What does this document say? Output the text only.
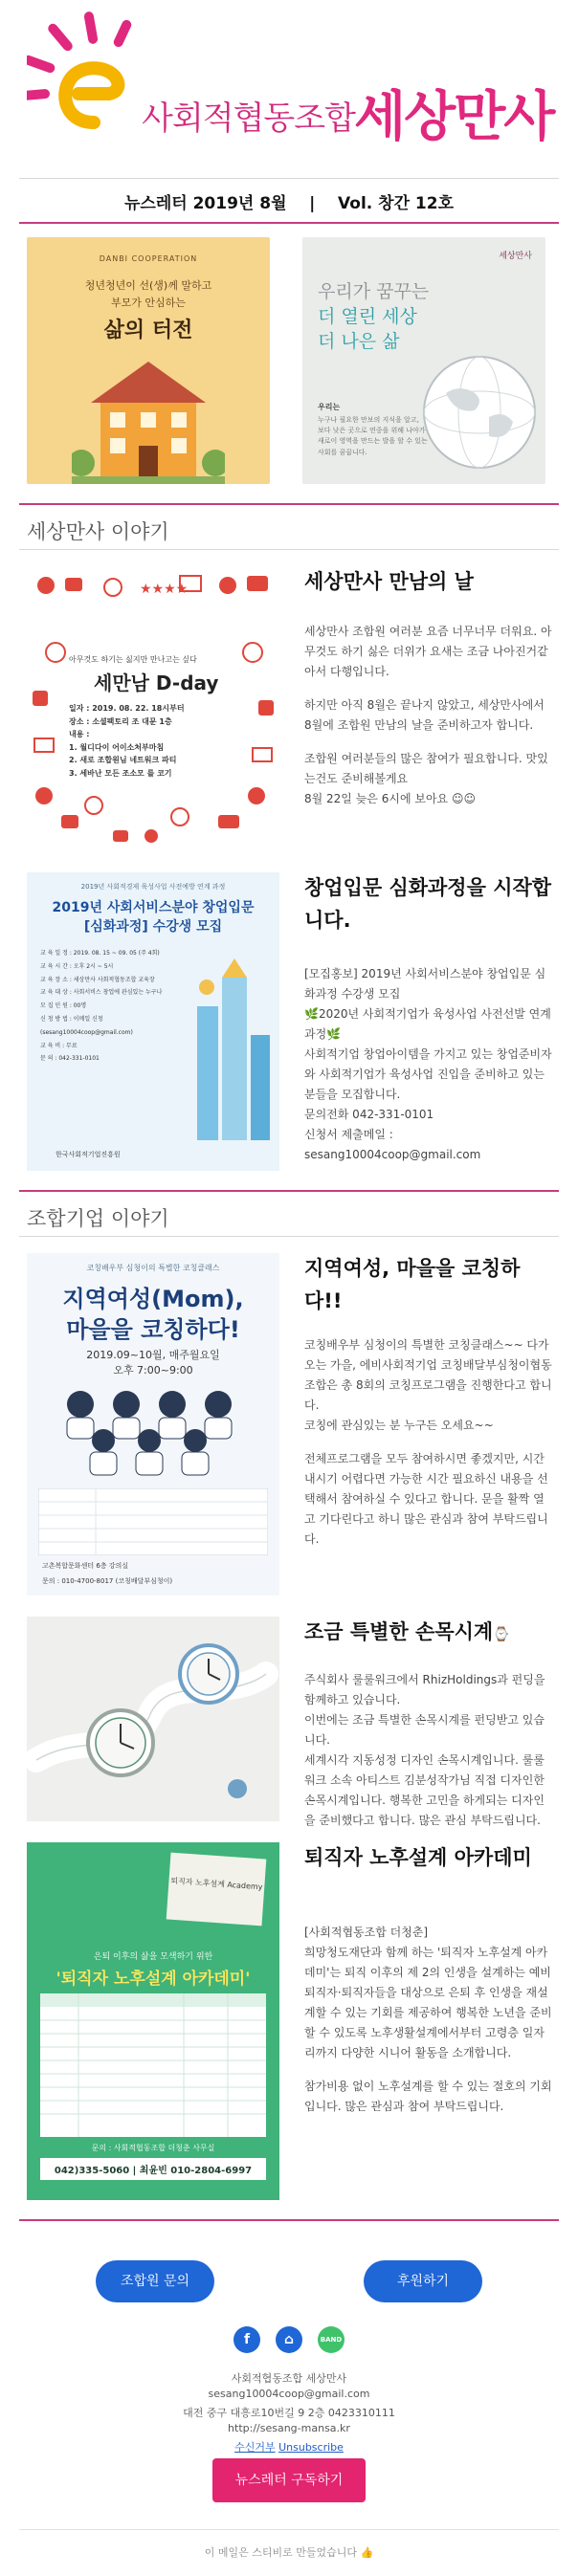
사회적협동조합 세상만사
뉴스레터 2019년 8월    |    Vol. 창간 12호
DANBI COOPERATION
청년청년이 선(생)께 말하고
부모가 안심하는
삶의 터전
세상만사
우리가 꿈꾸는
더 열린 세상
더 나은 삶
우리는
누구나 필요한 만보의 지식을 알고,
보다 낮은 곳으로 연중을 위해 나아가
새로이 영역을 만드는 발을 할 수 있는
사회를 꿈꿉니다.
세상만사 이야기
★★★★
아무것도 하기는 싫지만 만나고는 싶다
세만남 D-day
일자 : 2019. 08. 22. 18시부터
장소 : 소셜팩토리 조 대문 1층
내용 :
1. 월디다이 어이소처부마침
2. 새로 조합원님 네트워크 파티
3. 세바난 모든 조소모 를 코기
세상만사 만남의 날

세상만사 조합원 여러분 요즘 너무너무 더워요. 아무것도 하기 싫은 더위가 요새는 조금 나아진거같아서 다행입니다.

하지만 아직 8월은 끝나지 않았고, 세상만사에서 8월에 조합원 만남의 날을 준비하고자 합니다.

조합원 여러분들의 많은 참여가 필요합니다. 맛있는건도 준비해볼게요
8월 22일 늦은 6시에 보아요 ☺☺

2019년 사회적경제 육성사업 사전예방 연계 과정
2019년 사회서비스분야 창업입문
[심화과정] 수강생 모집
교 육 일 정 : 2019. 08. 15 ~ 09. 05 (주 4회)
교 육 시 간 : 오후 2시 ~ 5시
교 육 장 소 : 세상만사 사회적협동조합 교육장
교 육 대 상 : 사회서비스 창업에 관심있는 누구나
모 집 인 원 : 00명
신 청 방 법 : 이메일 신청 (sesang10004coop@gmail.com)
교 육 비 : 무료
문 의 : 042-331-0101
한국사회적기업진흥원
창업입문 심화과정을 시작합니다.

[모집홍보] 2019년 사회서비스분야 창업입문 심화과정 수강생 모집
🌿2020년 사회적기업가 육성사업 사전선발 연계과정🌿
사회적기업 창업아이템을 가지고 있는 창업준비자와 사회적기업가 육성사업 진입을 준비하고 있는 분들을 모집합니다.
문의전화 042-331-0101
신청서 제출메일 :
sesang10004coop@gmail.com

조합기업 이야기
코칭배우부 심청이의 특별한 코칭클래스
지역여성(Mom),
마을을 코칭하다!
2019.09~10월, 매주월요일
오후 7:00~9:00
고촌복합문화센터 6층 강의실
문의 : 010-4700-8017 (코칭배달부심청이)
지역여성, 마을을 코칭하다!!

코칭배우부 심청이의 특별한 코칭클래스~~ 다가오는 가을, 에비사회적기업 코칭배달부심청이협동조합은 총 8회의 코칭프로그램을 진행한다고 합니다.
코칭에 관심있는 분 누구든 오세요~~

전체프로그램을 모두 참여하시면 좋겠지만, 시간내시기 어렵다면 가능한 시간 필요하신 내용을 선택해서 참여하실 수 있다고 합니다. 문을 활짝 열고 기다린다고 하니 많은 관심과 참여 부탁드립니다.

조금 특별한 손목시계⌚

주식회사 룰룰워크에서 RhizHoldings과 펀딩을 함께하고 있습니다.
이번에는 조금 특별한 손목시계를 펀딩받고 있습니다.
세계시각 지동성정 디자인 손목시계입니다. 룰룰워크 소속 아티스트 김분성작가님 직접 디자인한 손목시계입니다. 행복한 고민을 하게되는 디자인을 준비했다고 합니다. 많은 관심 부탁드립니다.

퇴직자 노후설계 Academy
은퇴 이후의 삶을 모색하기 위한
'퇴직자 노후설계 아카데미'
문의 : 사회적협동조합 더청춘 사무실
042)335-5060 | 최윤빈 010-2804-6997
퇴직자 노후설계 아카데미

[사회적협동조합 더청춘]
희망청도재단과 함께 하는 '퇴직자 노후설계 아카데미'는 퇴직 이후의 제 2의 인생을 설계하는 예비퇴직자·퇴직자들을 대상으로 은퇴 후 인생을 재설계할 수 있는 기회를 제공하여 행복한 노년을 준비할 수 있도록 노후생활설계에서부터 고령층 일자리까지 다양한 시니어 활동을 소개합니다.

참가비용 없이 노후설계를 할 수 있는 절호의 기회입니다. 많은 관심과 참여 부탁드립니다.

조합원 문의	후원하기
f	⌂	BAND
사회적협동조합 세상만사
sesang10004coop@gmail.com
대전 중구 대흥로10번길 9 2층 0423310111
http://sesang-mansa.kr
수신거부 Unsubscribe
뉴스레터 구독하기
이 메일은 스티비로 만들었습니다 👍
